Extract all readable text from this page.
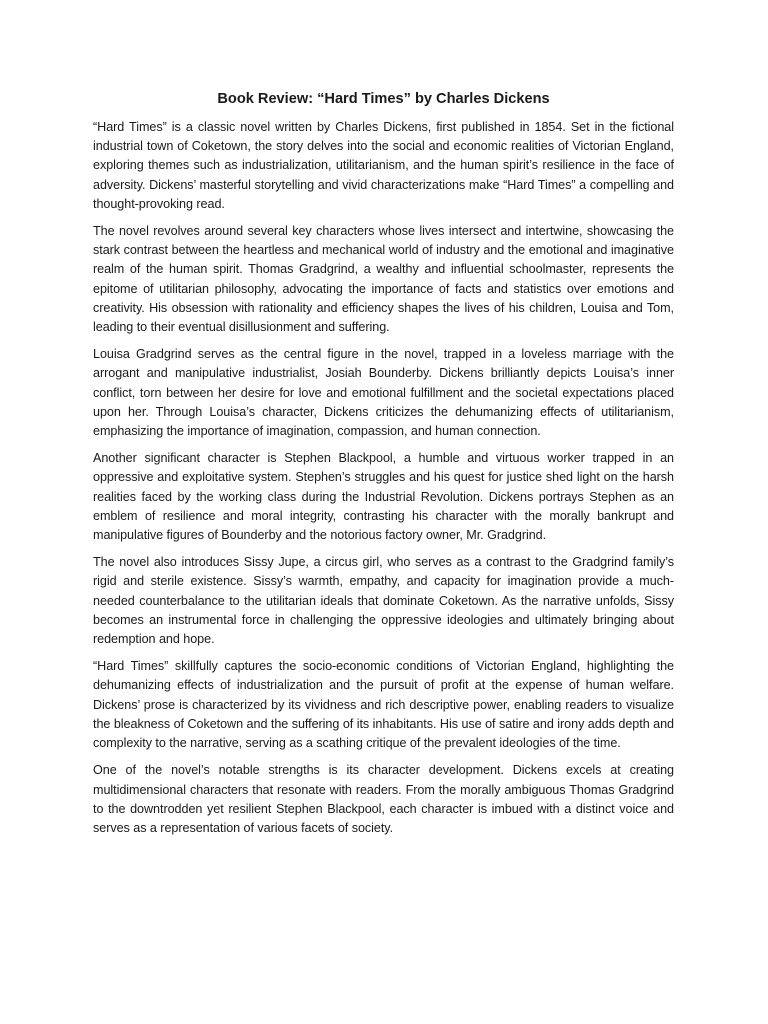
Book Review: “Hard Times” by Charles Dickens

“Hard Times” is a classic novel written by Charles Dickens, first published in 1854. Set in the fictional industrial town of Coketown, the story delves into the social and economic realities of Victorian England, exploring themes such as industrialization, utilitarianism, and the human spirit’s resilience in the face of adversity. Dickens’ masterful storytelling and vivid characterizations make “Hard Times” a compelling and thought-provoking read.

The novel revolves around several key characters whose lives intersect and intertwine, showcasing the stark contrast between the heartless and mechanical world of industry and the emotional and imaginative realm of the human spirit. Thomas Gradgrind, a wealthy and influential schoolmaster, represents the epitome of utilitarian philosophy, advocating the importance of facts and statistics over emotions and creativity. His obsession with rationality and efficiency shapes the lives of his children, Louisa and Tom, leading to their eventual disillusionment and suffering.

Louisa Gradgrind serves as the central figure in the novel, trapped in a loveless marriage with the arrogant and manipulative industrialist, Josiah Bounderby. Dickens brilliantly depicts Louisa’s inner conflict, torn between her desire for love and emotional fulfillment and the societal expectations placed upon her. Through Louisa’s character, Dickens criticizes the dehumanizing effects of utilitarianism, emphasizing the importance of imagination, compassion, and human connection.

Another significant character is Stephen Blackpool, a humble and virtuous worker trapped in an oppressive and exploitative system. Stephen’s struggles and his quest for justice shed light on the harsh realities faced by the working class during the Industrial Revolution. Dickens portrays Stephen as an emblem of resilience and moral integrity, contrasting his character with the morally bankrupt and manipulative figures of Bounderby and the notorious factory owner, Mr. Gradgrind.

The novel also introduces Sissy Jupe, a circus girl, who serves as a contrast to the Gradgrind family’s rigid and sterile existence. Sissy’s warmth, empathy, and capacity for imagination provide a much-needed counterbalance to the utilitarian ideals that dominate Coketown. As the narrative unfolds, Sissy becomes an instrumental force in challenging the oppressive ideologies and ultimately bringing about redemption and hope.

“Hard Times” skillfully captures the socio-economic conditions of Victorian England, highlighting the dehumanizing effects of industrialization and the pursuit of profit at the expense of human welfare. Dickens’ prose is characterized by its vividness and rich descriptive power, enabling readers to visualize the bleakness of Coketown and the suffering of its inhabitants. His use of satire and irony adds depth and complexity to the narrative, serving as a scathing critique of the prevalent ideologies of the time.

One of the novel’s notable strengths is its character development. Dickens excels at creating multidimensional characters that resonate with readers. From the morally ambiguous Thomas Gradgrind to the downtrodden yet resilient Stephen Blackpool, each character is imbued with a distinct voice and serves as a representation of various facets of society.
